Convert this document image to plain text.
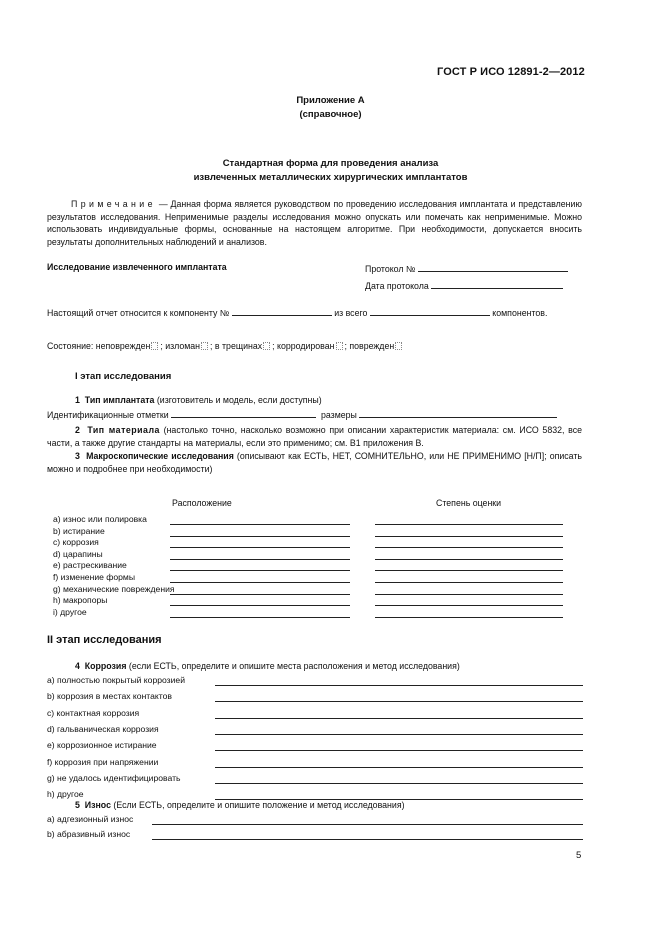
ГОСТ Р ИСО 12891-2—2012
Приложение А
(справочное)
Стандартная форма для проведения анализа
извлеченных металлических хирургических имплантатов
Примечание — Данная форма является руководством по проведению исследования имплантата и представлению результатов исследования. Неприменимые разделы исследования можно опускать или помечать как неприменимые. Можно использовать индивидуальные формы, основанные на настоящем алгоритме. При необходимости, допускается вносить результаты дополнительных наблюдений и анализов.
Исследование извлеченного имплантата	Протокол №
Дата протокола
Настоящий отчет относится к компоненту №	из всего	компонентов.
Состояние: неповрежден ; изломан ; в трещинах ; корродирован ; поврежден
I этап исследования
1 Тип имплантата (изготовитель и модель, если доступны)
Идентификационные отметки	размеры
2 Тип материала (настолько точно, насколько возможно при описании характеристик материала: см. ИСО 5832, все части, а также другие стандарты на материалы, если это применимо; см. В1 приложения В.
3 Макроскопические исследования (описывают как ЕСТЬ, НЕТ, СОМНИТЕЛЬНО, или НЕ ПРИМЕНИМО [Н/П]; описать можно и подробнее при необходимости)
Расположение	Степень оценки
a) износ или полировка
b) истирание
c) коррозия
d) царапины
e) растрескивание
f) изменение формы
g) механические повреждения
h) макропоры
i) другое
II этап исследования
4 Коррозия (если ЕСТЬ, определите и опишите места расположения и метод исследования)
a) полностью покрытый коррозией
b) коррозия в местах контактов
c) контактная коррозия
d) гальваническая коррозия
e) коррозионное истирание
f) коррозия при напряжении
g) не удалось идентифицировать
h) другое
5 Износ (Если ЕСТЬ, определите и опишите положение и метод исследования)
a) адгезионный износ
b) абразивный износ
5
